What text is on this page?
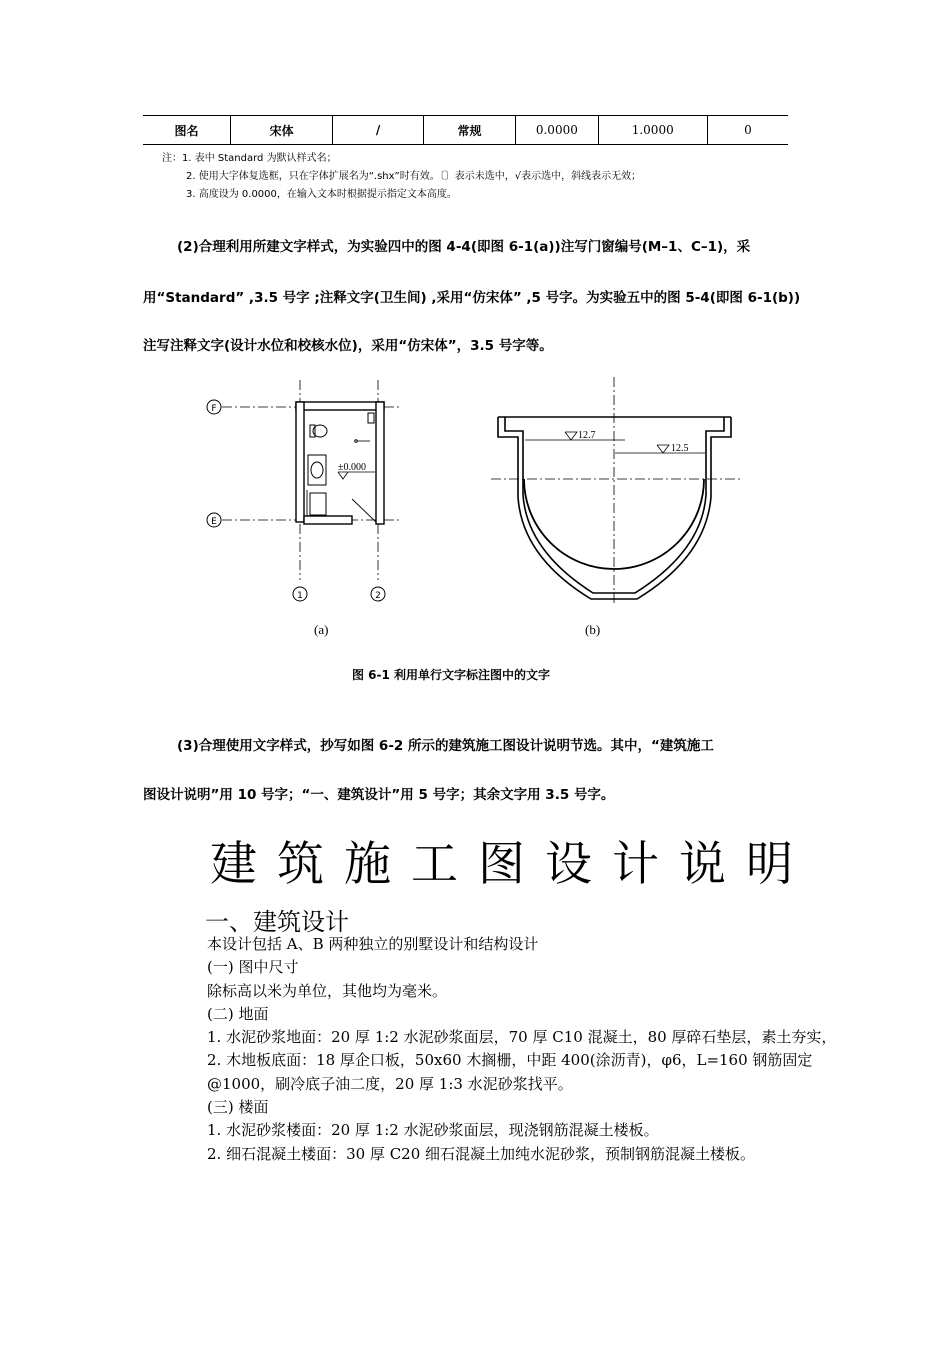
图名	宋体	/	常规	0.0000	1.0000	0
注：1. 表中 Standard 为默认样式名；
2. 使用大字体复选框，只在字体扩展名为“.shx”时有效。〔〕表示未选中，√表示选中，斜线表示无效；
3. 高度设为 0.0000，在输入文本时根据提示指定文本高度。
(2)合理利用所建文字样式，为实验四中的图 4-4(即图 6-1(a))注写门窗编号(M–1、C–1)，采
用“Standard” ,3.5 号字 ;注释文字(卫生间) ,采用“仿宋体” ,5 号字。为实验五中的图 5-4(即图 6-1(b))
注写注释文字(设计水位和校核水位)，采用“仿宋体”，3.5 号字等。
F
E
1	2
±0.000
(a)
12.7
12.5
(b)
图 6-1 利用单行文字标注图中的文字
(3)合理使用文字样式，抄写如图 6-2 所示的建筑施工图设计说明节选。其中，“建筑施工
图设计说明”用 10 号字；“一、建筑设计”用 5 号字；其余文字用 3.5 号字。
建筑施工图设计说明
一、建筑设计
本设计包括 A、B 两种独立的别墅设计和结构设计
(一) 图中尺寸
除标高以米为单位，其他均为毫米。
(二) 地面
1. 水泥砂浆地面：20 厚 1:2 水泥砂浆面层，70 厚 C10 混凝土，80 厚碎石垫层，素土夯实，
2. 木地板底面：18 厚企口板，50x60 木搁栅，中距 400(涂沥青)，φ6，L=160 钢筋固定
@1000，刷冷底子油二度，20 厚 1:3 水泥砂浆找平。
(三) 楼面
1. 水泥砂浆楼面：20 厚 1:2 水泥砂浆面层，现浇钢筋混凝土楼板。
2. 细石混凝土楼面：30 厚 C20 细石混凝土加纯水泥砂浆，预制钢筋混凝土楼板。
